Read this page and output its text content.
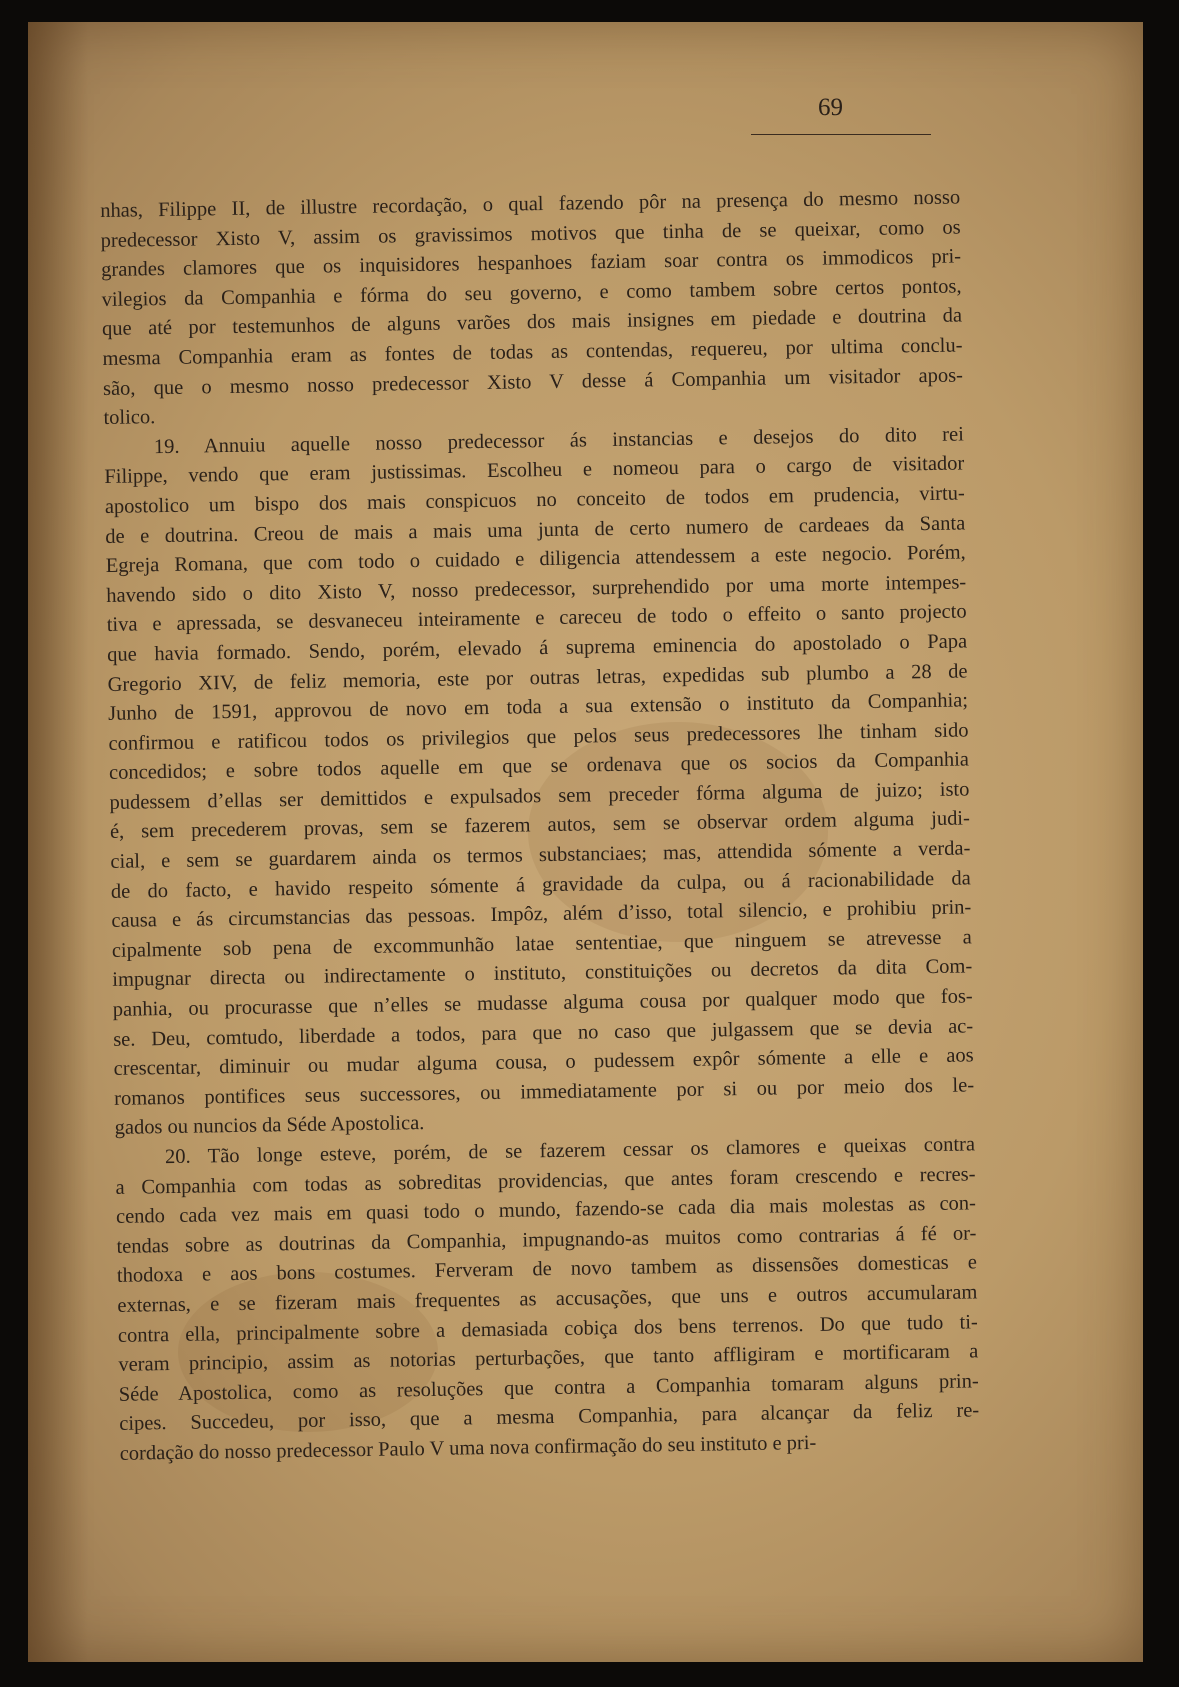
69
nhas, Filippe II, de illustre recordação, o qual fazendo pôr na presença do mesmo nosso
predecessor Xisto V, assim os gravissimos motivos que tinha de se queixar, como os
grandes clamores que os inquisidores hespanhoes faziam soar contra os immodicos pri-
vilegios da Companhia e fórma do seu governo, e como tambem sobre certos pontos,
que até por testemunhos de alguns varões dos mais insignes em piedade e doutrina da
mesma Companhia eram as fontes de todas as contendas, requereu, por ultima conclu-
são, que o mesmo nosso predecessor Xisto V desse á Companhia um visitador apos-
tolico.
19. Annuiu aquelle nosso predecessor ás instancias e desejos do dito rei
Filippe, vendo que eram justissimas. Escolheu e nomeou para o cargo de visitador
apostolico um bispo dos mais conspicuos no conceito de todos em prudencia, virtu-
de e doutrina. Creou de mais a mais uma junta de certo numero de cardeaes da Santa
Egreja Romana, que com todo o cuidado e diligencia attendessem a este negocio. Porém,
havendo sido o dito Xisto V, nosso predecessor, surprehendido por uma morte intempes-
tiva e apressada, se desvaneceu inteiramente e careceu de todo o effeito o santo projecto
que havia formado. Sendo, porém, elevado á suprema eminencia do apostolado o Papa
Gregorio XIV, de feliz memoria, este por outras letras, expedidas sub plumbo a 28 de
Junho de 1591, approvou de novo em toda a sua extensão o instituto da Companhia;
confirmou e ratificou todos os privilegios que pelos seus predecessores lhe tinham sido
concedidos; e sobre todos aquelle em que se ordenava que os socios da Companhia
pudessem d’ellas ser demittidos e expulsados sem preceder fórma alguma de juizo; isto
é, sem precederem provas, sem se fazerem autos, sem se observar ordem alguma judi-
cial, e sem se guardarem ainda os termos substanciaes; mas, attendida sómente a verda-
de do facto, e havido respeito sómente á gravidade da culpa, ou á racionabilidade da
causa e ás circumstancias das pessoas. Impôz, além d’isso, total silencio, e prohibiu prin-
cipalmente sob pena de excommunhão latae sententiae, que ninguem se atrevesse a
impugnar directa ou indirectamente o instituto, constituições ou decretos da dita Com-
panhia, ou procurasse que n’elles se mudasse alguma cousa por qualquer modo que fos-
se. Deu, comtudo, liberdade a todos, para que no caso que julgassem que se devia ac-
crescentar, diminuir ou mudar alguma cousa, o pudessem expôr sómente a elle e aos
romanos pontifices seus successores, ou immediatamente por si ou por meio dos le-
gados ou nuncios da Séde Apostolica.
20. Tão longe esteve, porém, de se fazerem cessar os clamores e queixas contra
a Companhia com todas as sobreditas providencias, que antes foram crescendo e recres-
cendo cada vez mais em quasi todo o mundo, fazendo-se cada dia mais molestas as con-
tendas sobre as doutrinas da Companhia, impugnando-as muitos como contrarias á fé or-
thodoxa e aos bons costumes. Ferveram de novo tambem as dissensões domesticas e
externas, e se fizeram mais frequentes as accusações, que uns e outros accumularam
contra ella, principalmente sobre a demasiada cobiça dos bens terrenos. Do que tudo ti-
veram principio, assim as notorias perturbações, que tanto affligiram e mortificaram a
Séde Apostolica, como as resoluções que contra a Companhia tomaram alguns prin-
cipes. Succedeu, por isso, que a mesma Companhia, para alcançar da feliz re-
cordação do nosso predecessor Paulo V uma nova confirmação do seu instituto e pri-
